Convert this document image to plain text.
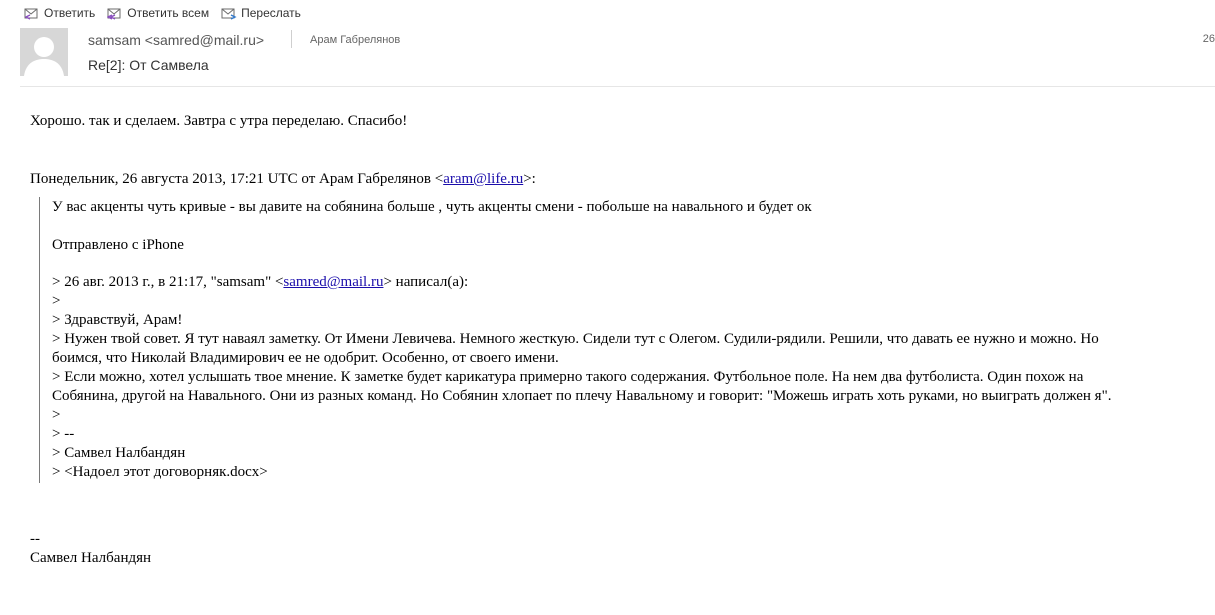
Ответить	Ответить всем	Переслать
samsam <samred@mail.ru>	Арам Габрелянов	26
Re[2]: От Самвела
Хорошо. так и сделаем. Завтра с утра переделаю. Спасибо!
Понедельник, 26 августа 2013, 17:21 UTC от Арам Габрелянов <aram@life.ru>:
У вас акценты чуть кривые - вы давите на собянина больше , чуть акценты смени - побольше на навального и будет ок
Отправлено с iPhone
> 26 авг. 2013 г., в 21:17, "samsam" <samred@mail.ru> написал(а):
>
> Здравствуй, Арам!
> Нужен твой совет. Я тут наваял заметку. От Имени Левичева. Немного жесткую. Сидели тут с Олегом. Судили-рядили. Решили, что давать ее нужно и можно. Но
боимся, что Николай Владимирович ее не одобрит. Особенно, от своего имени.
> Если можно, хотел услышать твое мнение. К заметке будет карикатура примерно такого содержания. Футбольное поле. На нем два футболиста. Один похож на
Собянина, другой на Навального. Они из разных команд. Но Собянин хлопает по плечу Навальному и говорит: "Можешь играть хоть руками, но выиграть должен я".
>
> --
> Самвел Налбандян
> <Надоел этот договорняк.docx>
--
Самвел Налбандян
